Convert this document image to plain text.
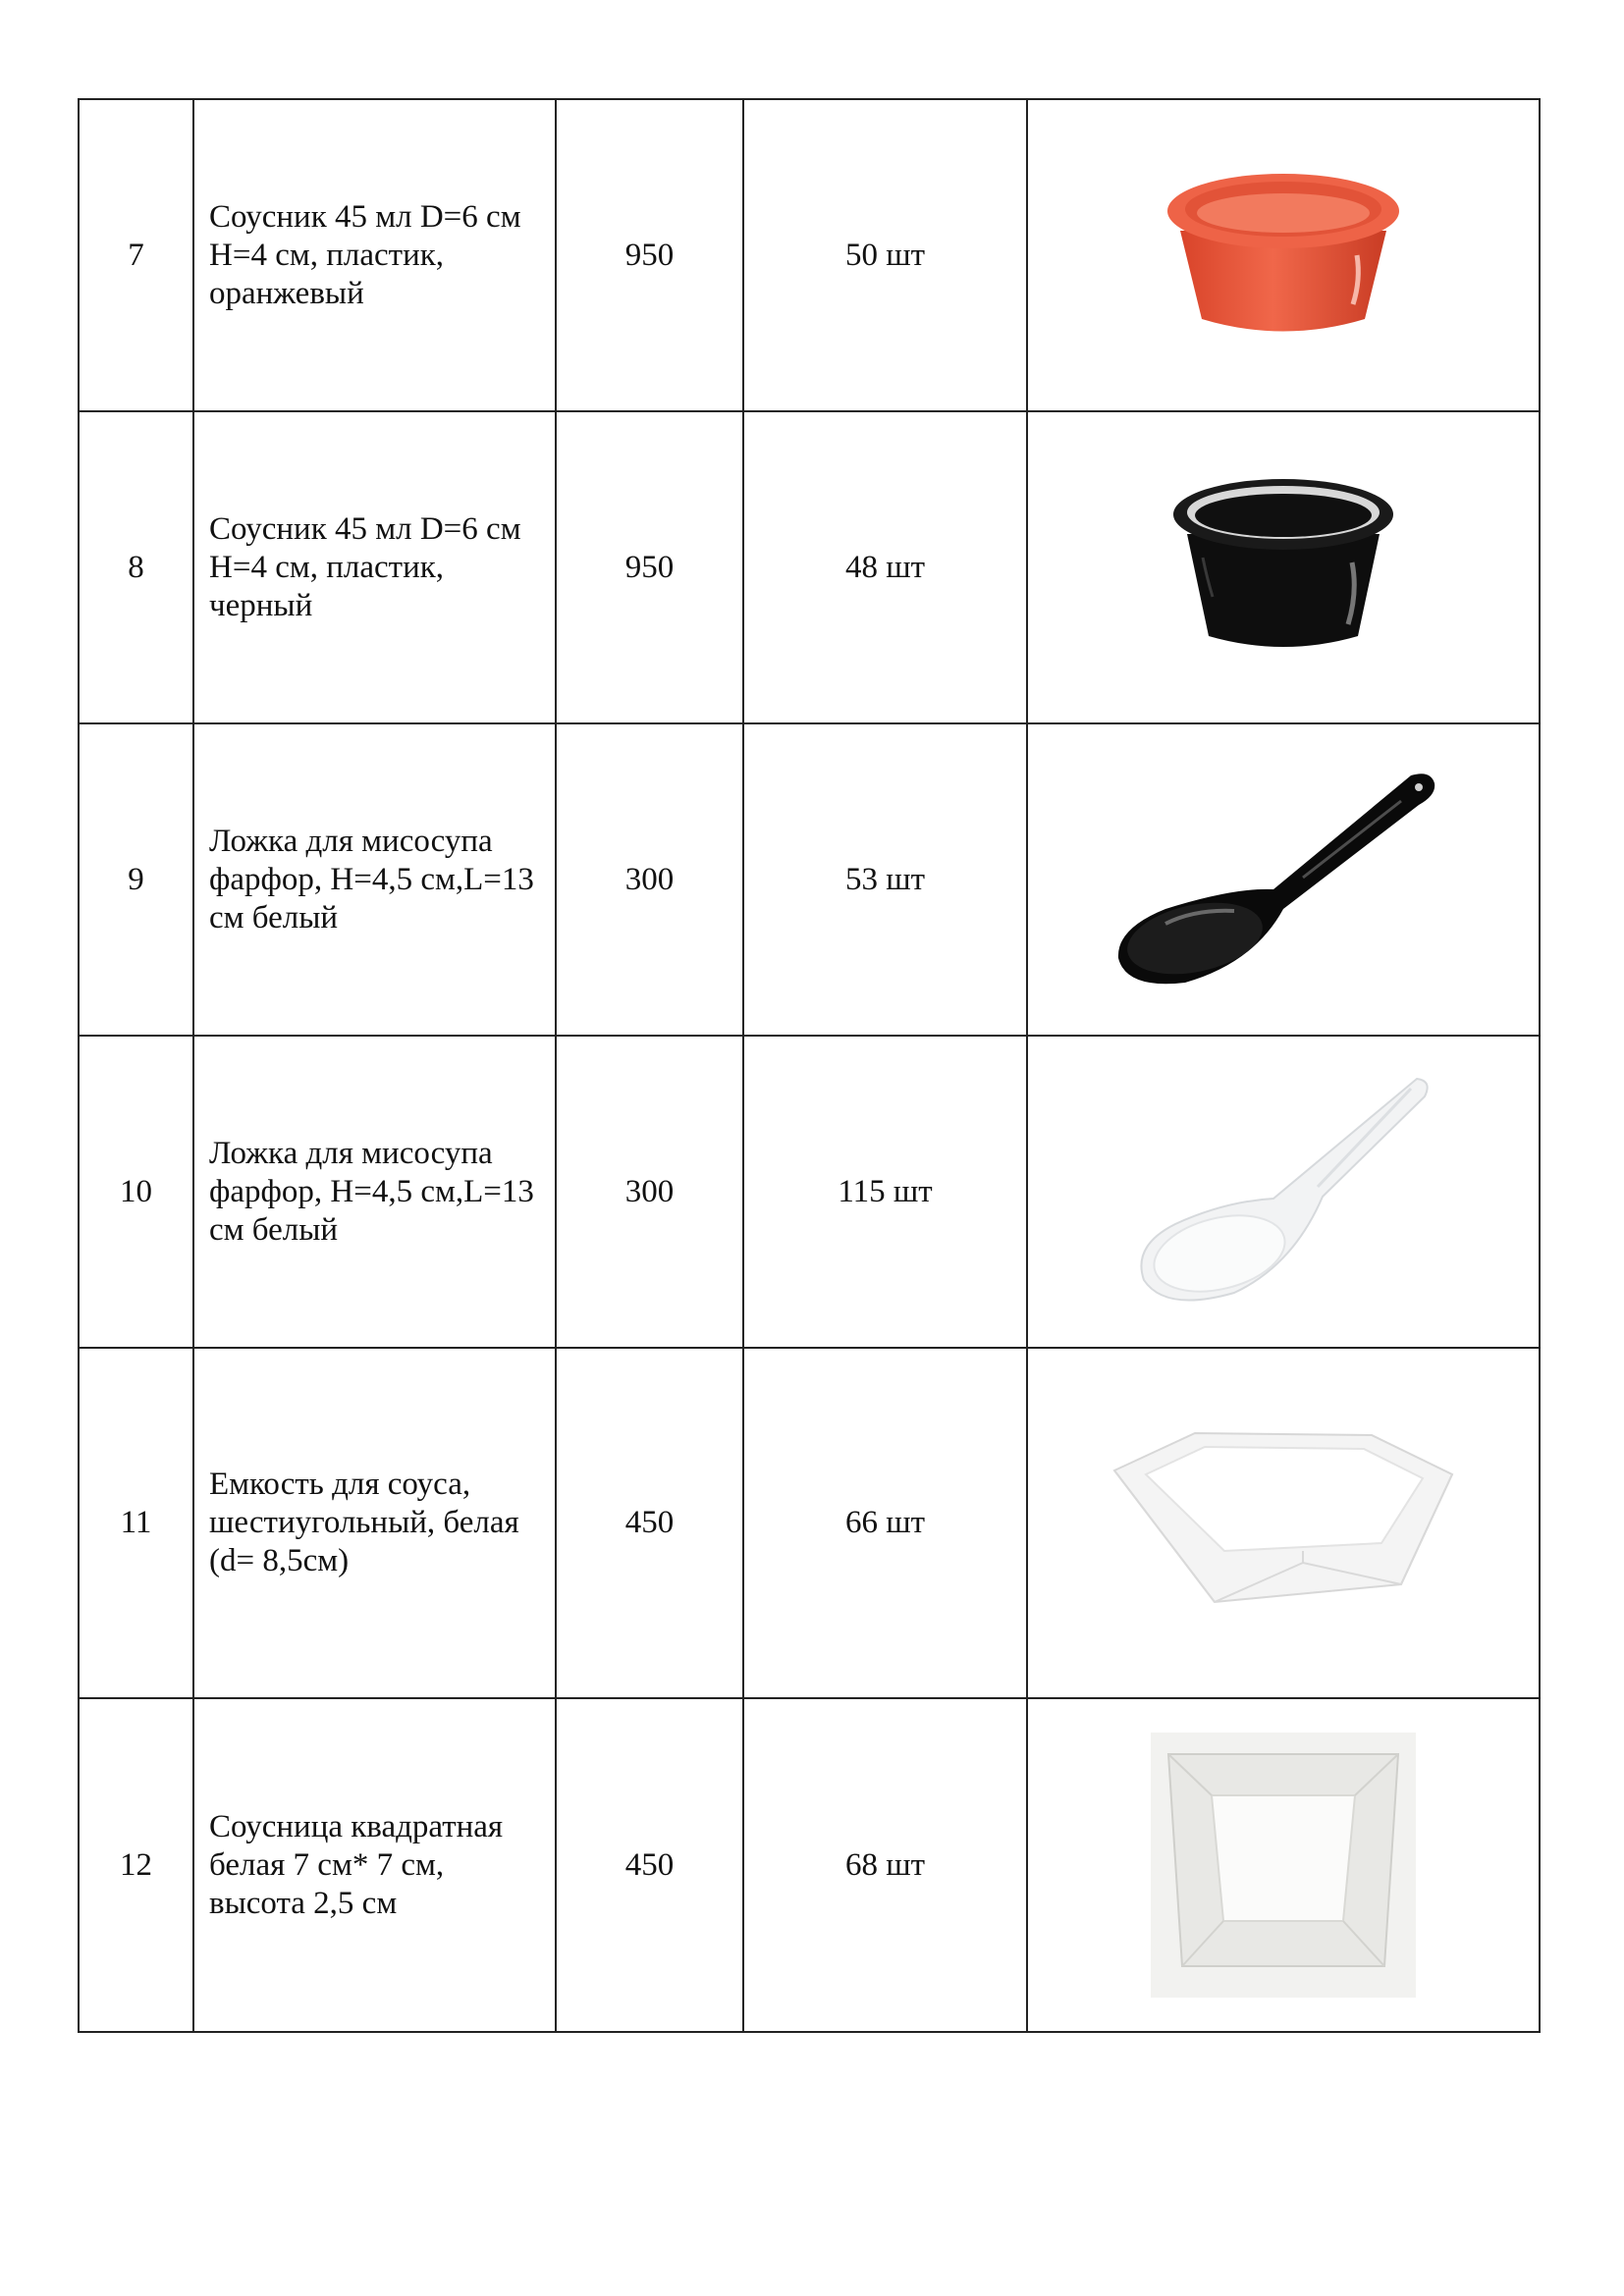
7	Соусник 45 мл D=6 см Н=4 см, пластик, оранжевый	950	50 шт	

8	Соусник 45 мл D=6 см Н=4 см, пластик, черный	950	48 шт	

9	Ложка для мисосупа фарфор, H=4,5 см,L=13 см белый	300	53 шт	

10	Ложка для мисосупа фарфор, H=4,5 см,L=13 см белый	300	115 шт	

11	Емкость для соуса, шестиугольный, белая (d= 8,5см)	450	66 шт	

12	Соусница квадратная белая 7 см* 7 см, высота 2,5 см	450	68 шт	
